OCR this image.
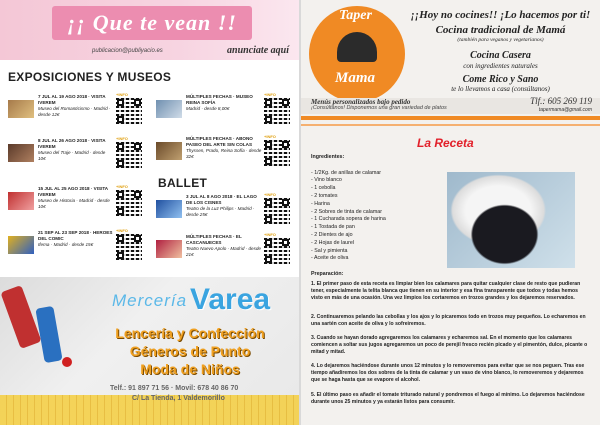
¡¡ Que te vean !!
publicacion@publiyacio.es	anunciate aquí
EXPOSICIONES Y MUSEOS
BALLET
7 JUL AL 19 AGO 2018 · VISITA IVEREM
Museo del Romanticismo · Madrid · desde 12€
+INFO
8 JUL AL 26 AGO 2018 · VISITA IVEREM
Museo del Traje · Madrid · desde 10€
+INFO
15 JUL AL 25 AGO 2018 · VISITA IVEREM
Museo de Historia · Madrid · desde 10€
+INFO
21 SEP AL 23 SEP 2018 · HEROES DEL COMIC
Ifema · Madrid · desde 15€
+INFO
MÚLTIPLES FECHAS · MUSEO REINA SOFÍA
Madrid · desde 8,00€
+INFO
MÚLTIPLES FECHAS · ABONO PASEO DEL ARTE SIN COLAS
Thyssen, Prado, Reina Sofía · desde 32€
+INFO
3 JUL AL 8 AGO 2018 · EL LAGO DE LOS CISNES
Teatro de la Luz Philips · Madrid · desde 25€
+INFO
MÚLTIPLES FECHAS · EL CASCANUECES
Teatro Nuevo Apolo · Madrid · desde 21€
+INFO
Mercería Varea
Lencería y Confección
Géneros de Punto
Moda de Niños
Telf.: 91 897 71 56 · Movil: 678 40 86 70
C/ La Tienda, 1 Valdemorillo
Taper
Mama
¡¡Hoy no cocines!! ¡Lo hacemos por ti!
Cocina tradicional de Mamá
(también para veganos y vegetarianos)
Cocina Casera
con ingredientes naturales
Come Rico y Sano
te lo llevamos a casa (consúltanos)
Menús personalizados bajo pedido
¡Consúltanos! Disponemos una gran variedad de platos
Tlf.: 605 269 119
tapermama@gmail.com
La Receta
Ingredientes:

- 1/2Kg. de anillas de calamar
- Vino blanco
- 1 cebolla
- 2 tomates
- Harina
- 2 Sobres de tinta de calamar
- 1 Cucharada sopera de harina
- 1 Tostada de pan
- 2 Dientes de ajo
- 2 Hojas de laurel
- Sal y pimienta
- Aceite de oliva

Preparación:
1. El primer paso de esta receta es limpiar bien los calamares para quitar cualquier clase de resto que pudieran tener, especialmente la telita blanca que tienen en su interior y esa fina transparente que todos y todas hemos visto en más de una ocasión. Una vez limpios los cortaremos en trozos grandes y los dejaremos reservados.
2. Continuaremos pelando las cebollas y los ajos y lo picaremos todo en trozos muy pequeños. Lo echaremos en una sartén con aceite de oliva y lo sofreiremos.
3. Cuando se hayan dorado agregaremos los calamares y echaremos sal. En el momento que los calamares comiencen a soltar sus jugos agregaremos un poco de perejil fresco recién picado y el pimentón, dulce, picante o mitad y mitad.
4. Lo dejaremos haciéndose durante unos 12 minutos y lo removeremos para evitar que se nos peguen. Tras ese tiempo añadiremos los dos sobres de la tinta de calamar y un vaso de vino blanco, lo removeremos y dejaremos que se haga hasta que se evapore el alcohol.
5. El último paso es añadir el tomate triturado natural y pondremos el fuego al mínimo. Lo dejaremos haciéndose durante unos 25 minutos y ya estarán listos para consumir.
